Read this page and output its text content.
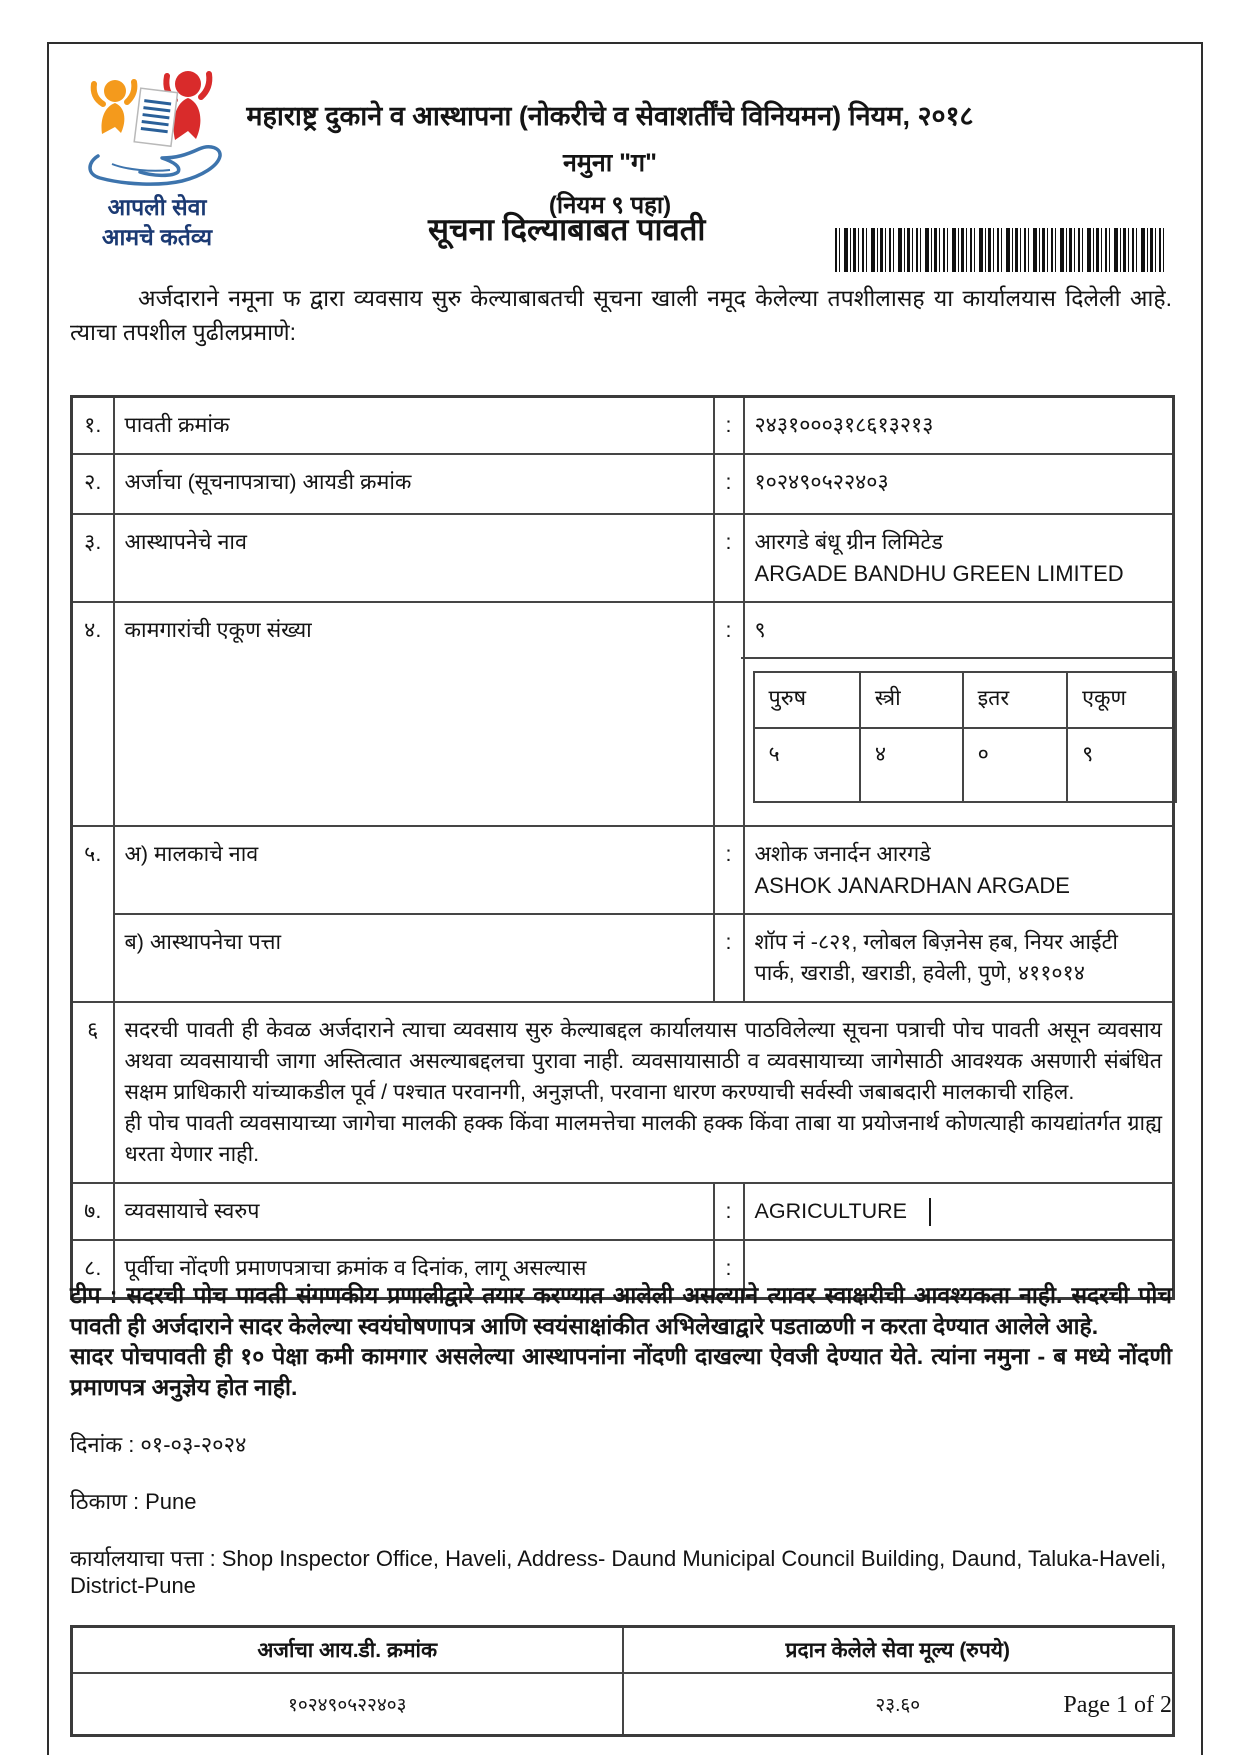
आपली सेवा
आमचे कर्तव्य

महाराष्ट्र दुकाने व आस्थापना (नोकरीचे व सेवाशर्तींचे विनियमन) नियम, २०१८

नमुना "ग"

(नियम ९ पहा)

सूचना दिल्याबाबत पावती

अर्जदाराने नमूना फ द्वारा व्यवसाय सुरु केल्याबाबतची सूचना खाली नमूद केलेल्या तपशीलासह या कार्यालयास दिलेली आहे. त्याचा तपशील पुढीलप्रमाणे:

१.	पावती क्रमांक	:	२४३१०००३१८६१३२१३
२.	अर्जाचा (सूचनापत्राचा) आयडी क्रमांक	:	१०२४९०५२२४०३
३.	आस्थापनेचे नाव	:	आरगडे बंधू ग्रीन लिमिटेड
ARGADE BANDHU GREEN LIMITED

४.	कामगारांची एकूण संख्या	:	९
पुरुष	स्त्री	इतर	एकूण
५	४	०	९

५.	अ) मालकाचे नाव	:	अशोक जनार्दन आरगडे
ASHOK JANARDHAN ARGADE

ब) आस्थापनेचा पत्ता	:	शॉप नं -८२१, ग्लोबल बिज़नेस हब, नियर आईटी पार्क, खराडी, खराडी, हवेली, पुणे, ४११०१४
६	सदरची पावती ही केवळ अर्जदाराने त्याचा व्यवसाय सुरु केल्याबद्दल कार्यालयास पाठविलेल्या सूचना पत्राची पोच पावती असून व्यवसाय अथवा व्यवसायाची जागा अस्तित्वात असल्याबद्दलचा पुरावा नाही. व्यवसायासाठी व व्यवसायाच्या जागेसाठी आवश्यक असणारी संबंधित सक्षम प्राधिकारी यांच्याकडील पूर्व / पश्चात परवानगी, अनुज्ञप्ती, परवाना धारण करण्याची सर्वस्वी जबाबदारी मालकाची राहिल.

ही पोच पावती व्यवसायाच्या जागेचा मालकी हक्क किंवा मालमत्तेचा मालकी हक्क किंवा ताबा या प्रयोजनार्थ कोणत्याही कायद्यांतर्गत ग्राह्य धरता येणार नाही.

७.	व्यवसायाचे स्वरुप	:	AGRICULTURE
८.	पूर्वीचा नोंदणी प्रमाणपत्राचा क्रमांक व दिनांक, लागू असल्यास	:	

टीप : सदरची पोच पावती संगणकीय प्रणालीद्वारे तयार करण्यात आलेली असल्याने त्यावर स्वाक्षरीची आवश्यकता नाही. सदरची पोच पावती ही अर्जदाराने सादर केलेल्या स्वयंघोषणापत्र आणि स्वयंसाक्षांकीत अभिलेखाद्वारे पडताळणी न करता देण्यात आलेले आहे.

सादर पोचपावती ही १० पेक्षा कमी कामगार असलेल्या आस्थापनांना नोंदणी दाखल्या ऐवजी देण्यात येते. त्यांना नमुना - ब मध्ये नोंदणी प्रमाणपत्र अनुज्ञेय होत नाही.

दिनांक : ०१-०३-२०२४
ठिकाण : Pune
कार्यालयाचा पत्ता : Shop Inspector Office, Haveli, Address- Daund Municipal Council Building, Daund, Taluka-Haveli, District-Pune
अर्जाचा आय.डी. क्रमांक	प्रदान केलेले सेवा मूल्य (रुपये)
१०२४९०५२२४०३	२३.६०	Page 1 of 2
